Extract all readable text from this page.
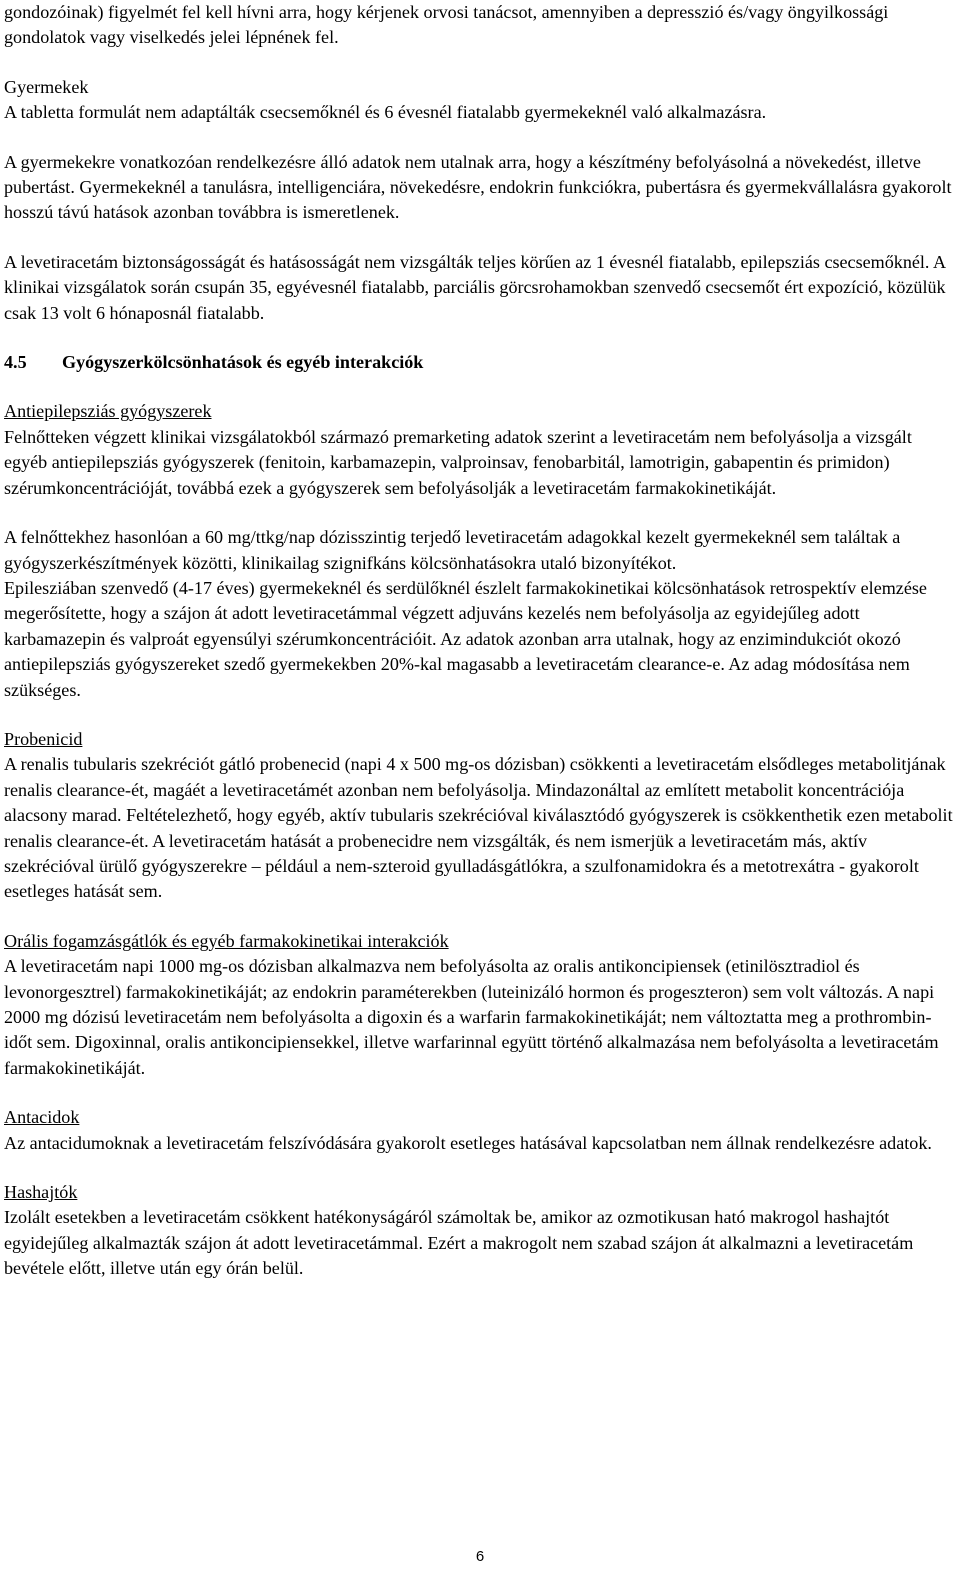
gondozóinak) figyelmét fel kell hívni arra, hogy kérjenek orvosi tanácsot, amennyiben a depresszió és/vagy öngyilkossági gondolatok vagy viselkedés jelei lépnének fel.

Gyermekek

A tabletta formulát nem adaptálták csecsemőknél és 6 évesnél fiatalabb gyermekeknél való alkalmazásra.

A gyermekekre vonatkozóan rendelkezésre álló adatok nem utalnak arra, hogy a készítmény befolyásolná a növekedést, illetve pubertást. Gyermekeknél a tanulásra, intelligenciára, növekedésre, endokrin funkciókra, pubertásra és gyermekvállalásra gyakorolt hosszú távú hatások azonban továbbra is ismeretlenek.

A levetiracetám biztonságosságát és hatásosságát nem vizsgálták teljes körűen az 1 évesnél fiatalabb, epilepsziás csecsemőknél. A klinikai vizsgálatok során csupán 35, egyévesnél fiatalabb, parciális görcsrohamokban szenvedő csecsemőt ért expozíció, közülük csak 13 volt 6 hónaposnál fiatalabb.

4.5 Gyógyszerkölcsönhatások és egyéb interakciók

Antiepilepsziás gyógyszerek

Felnőtteken végzett klinikai vizsgálatokból származó premarketing adatok szerint a levetiracetám nem befolyásolja a vizsgált egyéb antiepilepsziás gyógyszerek (fenitoin, karbamazepin, valproinsav, fenobarbitál, lamotrigin, gabapentin és primidon) szérumkoncentrációját, továbbá ezek a gyógyszerek sem befolyásolják a levetiracetám farmakokinetikáját.

A felnőttekhez hasonlóan a 60 mg/ttkg/nap dózisszintig terjedő levetiracetám adagokkal kezelt gyermekeknél sem találtak a gyógyszerkészítmények közötti, klinikailag szignifkáns kölcsönhatásokra utaló bizonyítékot.

Epilesziában szenvedő (4-17 éves) gyermekeknél és serdülőknél észlelt farmakokinetikai kölcsönhatások retrospektív elemzése megerősítette, hogy a szájon át adott levetiracetámmal végzett adjuváns kezelés nem befolyásolja az egyidejűleg adott karbamazepin és valproát egyensúlyi szérumkoncentrációit. Az adatok azonban arra utalnak, hogy az enzimindukciót okozó antiepilepsziás gyógyszereket szedő gyermekekben 20%-kal magasabb a levetiracetám clearance-e. Az adag módosítása nem szükséges.

Probenicid

A renalis tubularis szekréciót gátló probenecid (napi 4 x 500 mg-os dózisban) csökkenti a levetiracetám elsődleges metabolitjának renalis clearance-ét, magáét a levetiracetámét azonban nem befolyásolja. Mindazonáltal az említett metabolit koncentrációja alacsony marad. Feltételezhető, hogy egyéb, aktív tubularis szekrécióval kiválasztódó gyógyszerek is csökkenthetik ezen metabolit renalis clearance-ét. A levetiracetám hatását a probenecidre nem vizsgálták, és nem ismerjük a levetiracetám más, aktív szekrécióval ürülő gyógyszerekre – például a nem-szteroid gyulladásgátlókra, a szulfonamidokra és a metotrexátra - gyakorolt esetleges hatását sem.

Orális fogamzásgátlók és egyéb farmakokinetikai interakciók

A levetiracetám napi 1000 mg-os dózisban alkalmazva nem befolyásolta az oralis antikoncipiensek (etinilösztradiol és levonorgesztrel) farmakokinetikáját; az endokrin paraméterekben (luteinizáló hormon és progeszteron) sem volt változás. A napi 2000 mg dózisú levetiracetám nem befolyásolta a digoxin és a warfarin farmakokinetikáját; nem változtatta meg a prothrombin-időt sem. Digoxinnal, oralis antikoncipiensekkel, illetve warfarinnal együtt történő alkalmazása nem befolyásolta a levetiracetám farmakokinetikáját.

Antacidok

Az antacidumoknak a levetiracetám felszívódására gyakorolt esetleges hatásával kapcsolatban nem állnak rendelkezésre adatok.

Hashajtók

Izolált esetekben a levetiracetám csökkent hatékonyságáról számoltak be, amikor az ozmotikusan ható makrogol hashajtót egyidejűleg alkalmazták szájon át adott levetiracetámmal. Ezért a makrogolt nem szabad szájon át alkalmazni a levetiracetám bevétele előtt, illetve után egy órán belül.

6
